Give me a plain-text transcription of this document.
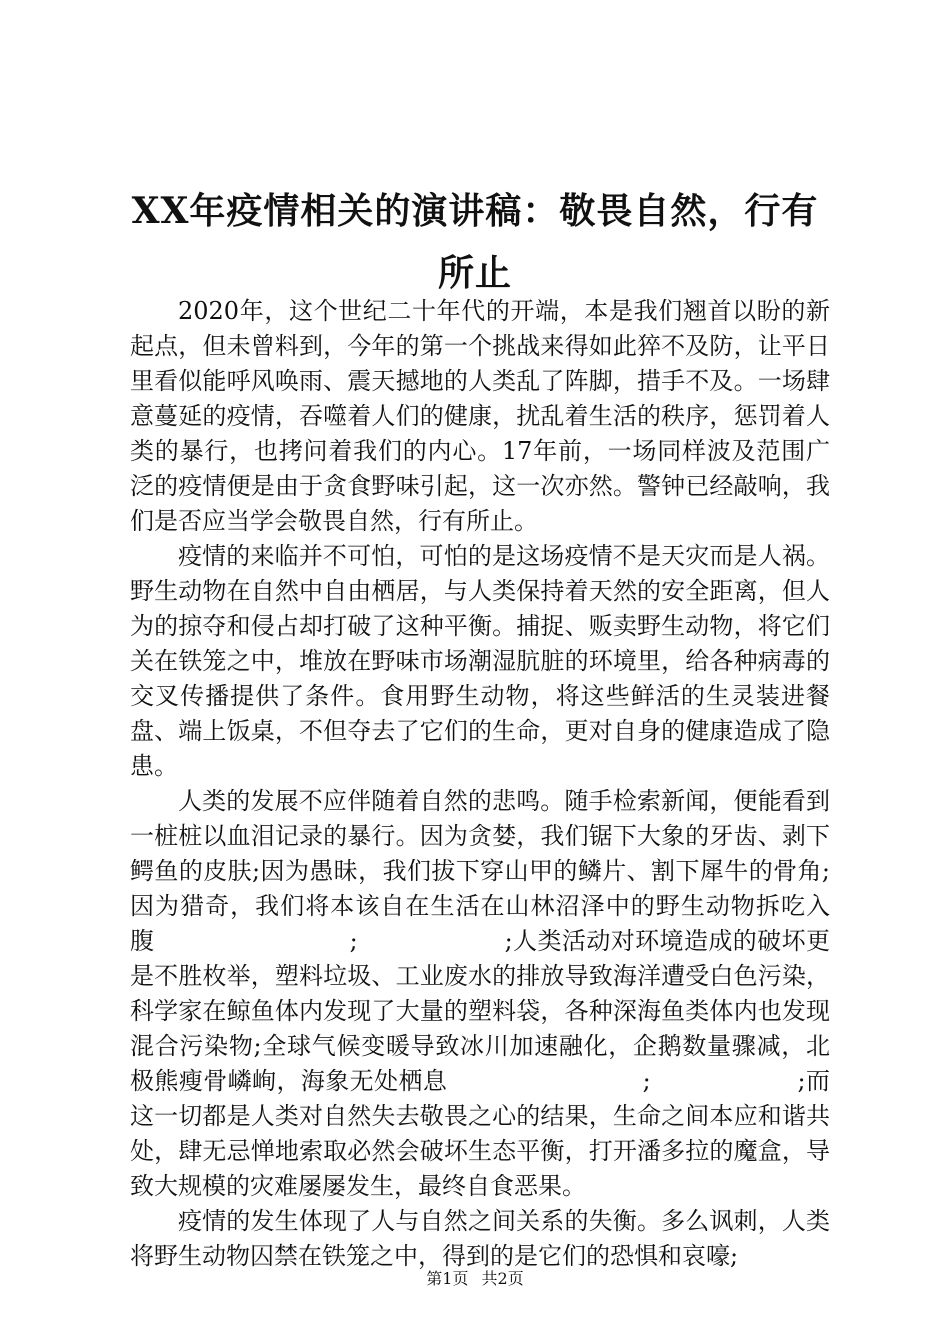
XX年疫情相关的演讲稿：敬畏自然，行有所止

2020年，这个世纪二十年代的开端，本是我们翘首以盼的新起点，但未曾料到，今年的第一个挑战来得如此猝不及防，让平日里看似能呼风唤雨、震天撼地的人类乱了阵脚，措手不及。一场肆意蔓延的疫情，吞噬着人们的健康，扰乱着生活的秩序，惩罚着人类的暴行，也拷问着我们的内心。17年前，一场同样波及范围广泛的疫情便是由于贪食野味引起，这一次亦然。警钟已经敲响，我们是否应当学会敬畏自然，行有所止。

疫情的来临并不可怕，可怕的是这场疫情不是天灾而是人祸。野生动物在自然中自由栖居，与人类保持着天然的安全距离，但人为的掠夺和侵占却打破了这种平衡。捕捉、贩卖野生动物，将它们关在铁笼之中，堆放在野味市场潮湿肮脏的环境里，给各种病毒的交叉传播提供了条件。食用野生动物，将这些鲜活的生灵装进餐盘、端上饭桌，不但夺去了它们的生命，更对自身的健康造成了隐患。

人类的发展不应伴随着自然的悲鸣。随手检索新闻，便能看到一桩桩以血泪记录的暴行。因为贪婪，我们锯下大象的牙齿、剥下鳄鱼的皮肤;因为愚昧，我们拔下穿山甲的鳞片、割下犀牛的骨角;因为猎奇，我们将本该自在生活在山林沼泽中的野生动物拆吃入腹　　　　　　　　;　　　　　　;人类活动对环境造成的破坏更是不胜枚举，塑料垃圾、工业废水的排放导致海洋遭受白色污染，科学家在鲸鱼体内发现了大量的塑料袋，各种深海鱼类体内也发现混合污染物;全球气候变暖导致冰川加速融化，企鹅数量骤减，北极熊瘦骨嶙峋，海象无处栖息　　　　　　　　;　　　　　　;而这一切都是人类对自然失去敬畏之心的结果，生命之间本应和谐共处，肆无忌惮地索取必然会破坏生态平衡，打开潘多拉的魔盒，导致大规模的灾难屡屡发生，最终自食恶果。

疫情的发生体现了人与自然之间关系的失衡。多么讽刺，人类将野生动物囚禁在铁笼之中，得到的是它们的恐惧和哀嚎;

第1页 共2页
